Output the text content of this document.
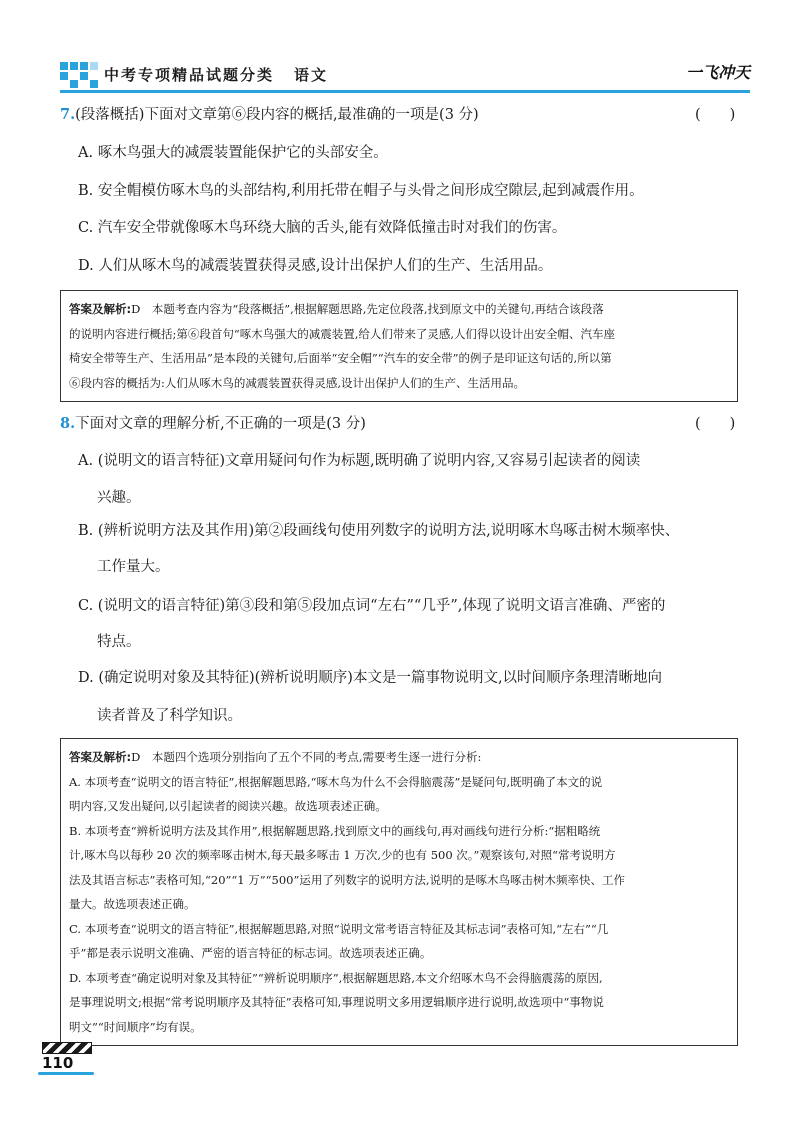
中考专项精品试题分类 语文	一飞冲天
7.(段落概括)下面对文章第⑥段内容的概括,最准确的一项是(3 分)	(　　)
A. 啄木鸟强大的减震装置能保护它的头部安全。
B. 安全帽模仿啄木鸟的头部结构,利用托带在帽子与头骨之间形成空隙层,起到减震作用。
C. 汽车安全带就像啄木鸟环绕大脑的舌头,能有效降低撞击时对我们的伤害。
D. 人们从啄木鸟的减震装置获得灵感,设计出保护人们的生产、生活用品。

答案及解析:D　本题考查内容为“段落概括”,根据解题思路,先定位段落,找到原文中的关键句,再结合该段落

的说明内容进行概括;第⑥段首句“啄木鸟强大的减震装置,给人们带来了灵感,人们得以设计出安全帽、汽车座

椅安全带等生产、生活用品”是本段的关键句,后面举“安全帽”“汽车的安全带”的例子是印证这句话的,所以第

⑥段内容的概括为:人们从啄木鸟的减震装置获得灵感,设计出保护人们的生产、生活用品。

8.下面对文章的理解分析,不正确的一项是(3 分)	(　　)
A. (说明文的语言特征)文章用疑问句作为标题,既明确了说明内容,又容易引起读者的阅读
兴趣。
B. (辨析说明方法及其作用)第②段画线句使用列数字的说明方法,说明啄木鸟啄击树木频率快、
工作量大。
C. (说明文的语言特征)第③段和第⑤段加点词“左右”“几乎”,体现了说明文语言准确、严密的
特点。
D. (确定说明对象及其特征)(辨析说明顺序)本文是一篇事物说明文,以时间顺序条理清晰地向
读者普及了科学知识。

答案及解析:D　本题四个选项分别指向了五个不同的考点,需要考生逐一进行分析:

A. 本项考查“说明文的语言特征”,根据解题思路,“啄木鸟为什么不会得脑震荡”是疑问句,既明确了本文的说

明内容,又发出疑问,以引起读者的阅读兴趣。故选项表述正确。

B. 本项考查“辨析说明方法及其作用”,根据解题思路,找到原文中的画线句,再对画线句进行分析:“据粗略统

计,啄木鸟以每秒 20 次的频率啄击树木,每天最多啄击 1 万次,少的也有 500 次。”观察该句,对照“常考说明方

法及其语言标志”表格可知,“20”“1 万”“500”运用了列数字的说明方法,说明的是啄木鸟啄击树木频率快、工作

量大。故选项表述正确。

C. 本项考查“说明文的语言特征”,根据解题思路,对照“说明文常考语言特征及其标志词”表格可知,“左右”“几

乎”都是表示说明文准确、严密的语言特征的标志词。故选项表述正确。

D. 本项考查“确定说明对象及其特征”“辨析说明顺序”,根据解题思路,本文介绍啄木鸟不会得脑震荡的原因,

是事理说明文;根据“常考说明顺序及其特征”表格可知,事理说明文多用逻辑顺序进行说明,故选项中“事物说

明文”“时间顺序”均有误。

110
